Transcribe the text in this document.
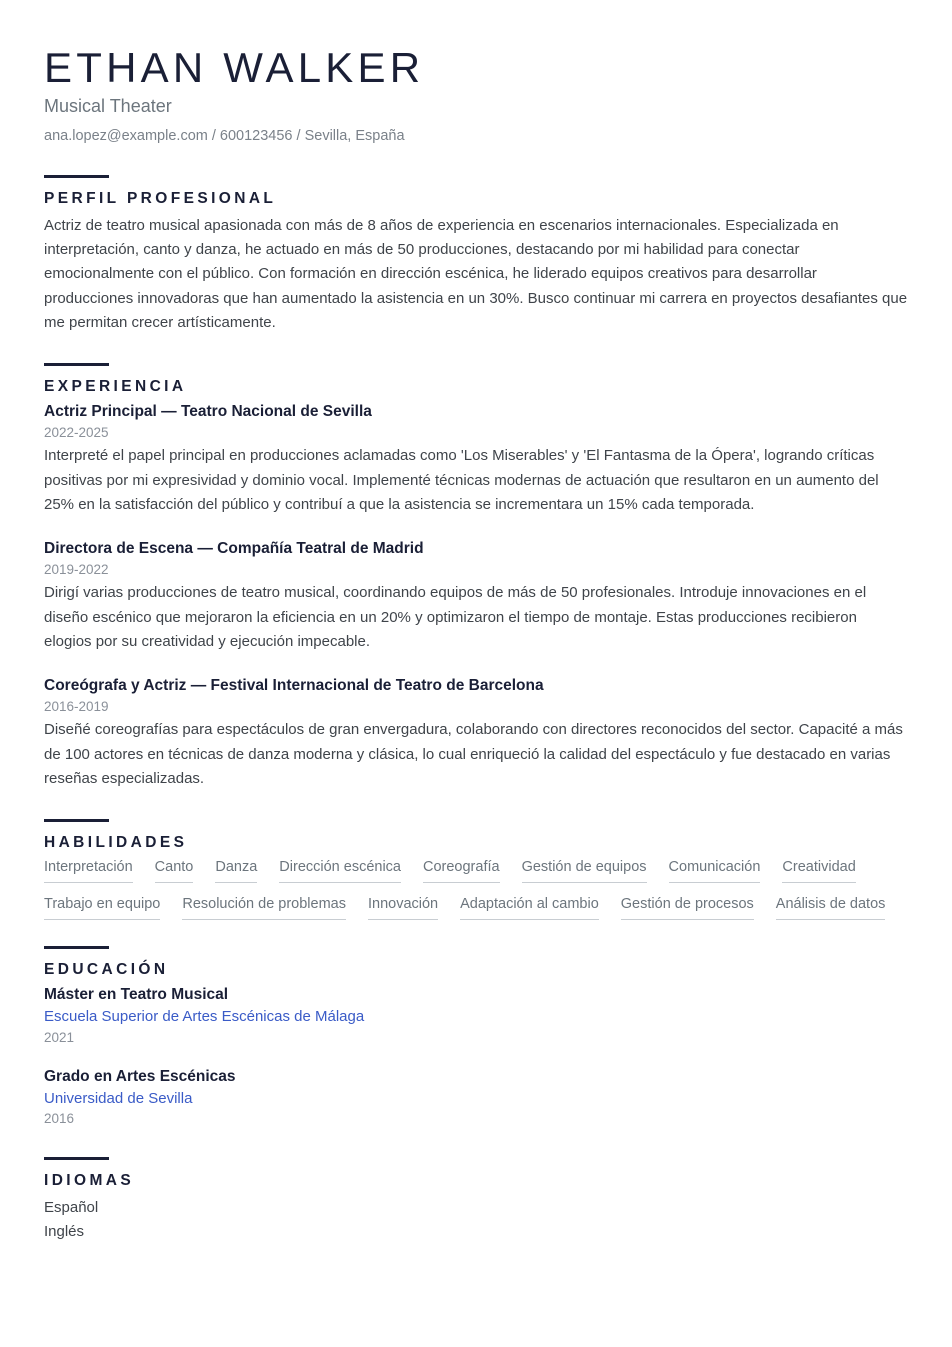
ETHAN WALKER
Musical Theater
ana.lopez@example.com / 600123456 / Sevilla, España
PERFIL PROFESIONAL

Actriz de teatro musical apasionada con más de 8 años de experiencia en escenarios internacionales. Especializada en interpretación, canto y danza, he actuado en más de 50 producciones, destacando por mi habilidad para conectar emocionalmente con el público. Con formación en dirección escénica, he liderado equipos creativos para desarrollar producciones innovadoras que han aumentado la asistencia en un 30%. Busco continuar mi carrera en proyectos desafiantes que me permitan crecer artísticamente.

EXPERIENCIA
Actriz Principal — Teatro Nacional de Sevilla
2022-2025

Interpreté el papel principal en producciones aclamadas como 'Los Miserables' y 'El Fantasma de la Ópera', logrando críticas positivas por mi expresividad y dominio vocal. Implementé técnicas modernas de actuación que resultaron en un aumento del 25% en la satisfacción del público y contribuí a que la asistencia se incrementara un 15% cada temporada.

Directora de Escena — Compañía Teatral de Madrid
2019-2022

Dirigí varias producciones de teatro musical, coordinando equipos de más de 50 profesionales. Introduje innovaciones en el diseño escénico que mejoraron la eficiencia en un 20% y optimizaron el tiempo de montaje. Estas producciones recibieron elogios por su creatividad y ejecución impecable.

Coreógrafa y Actriz — Festival Internacional de Teatro de Barcelona
2016-2019

Diseñé coreografías para espectáculos de gran envergadura, colaborando con directores reconocidos del sector. Capacité a más de 100 actores en técnicas de danza moderna y clásica, lo cual enriqueció la calidad del espectáculo y fue destacado en varias reseñas especializadas.

HABILIDADES
Interpretación Canto Danza Dirección escénica Coreografía Gestión de equipos Comunicación Creatividad
Trabajo en equipo Resolución de problemas Innovación Adaptación al cambio Gestión de procesos Análisis de datos
EDUCACIÓN
Máster en Teatro Musical
Escuela Superior de Artes Escénicas de Málaga
2021
Grado en Artes Escénicas
Universidad de Sevilla
2016
IDIOMAS

Español

Inglés
